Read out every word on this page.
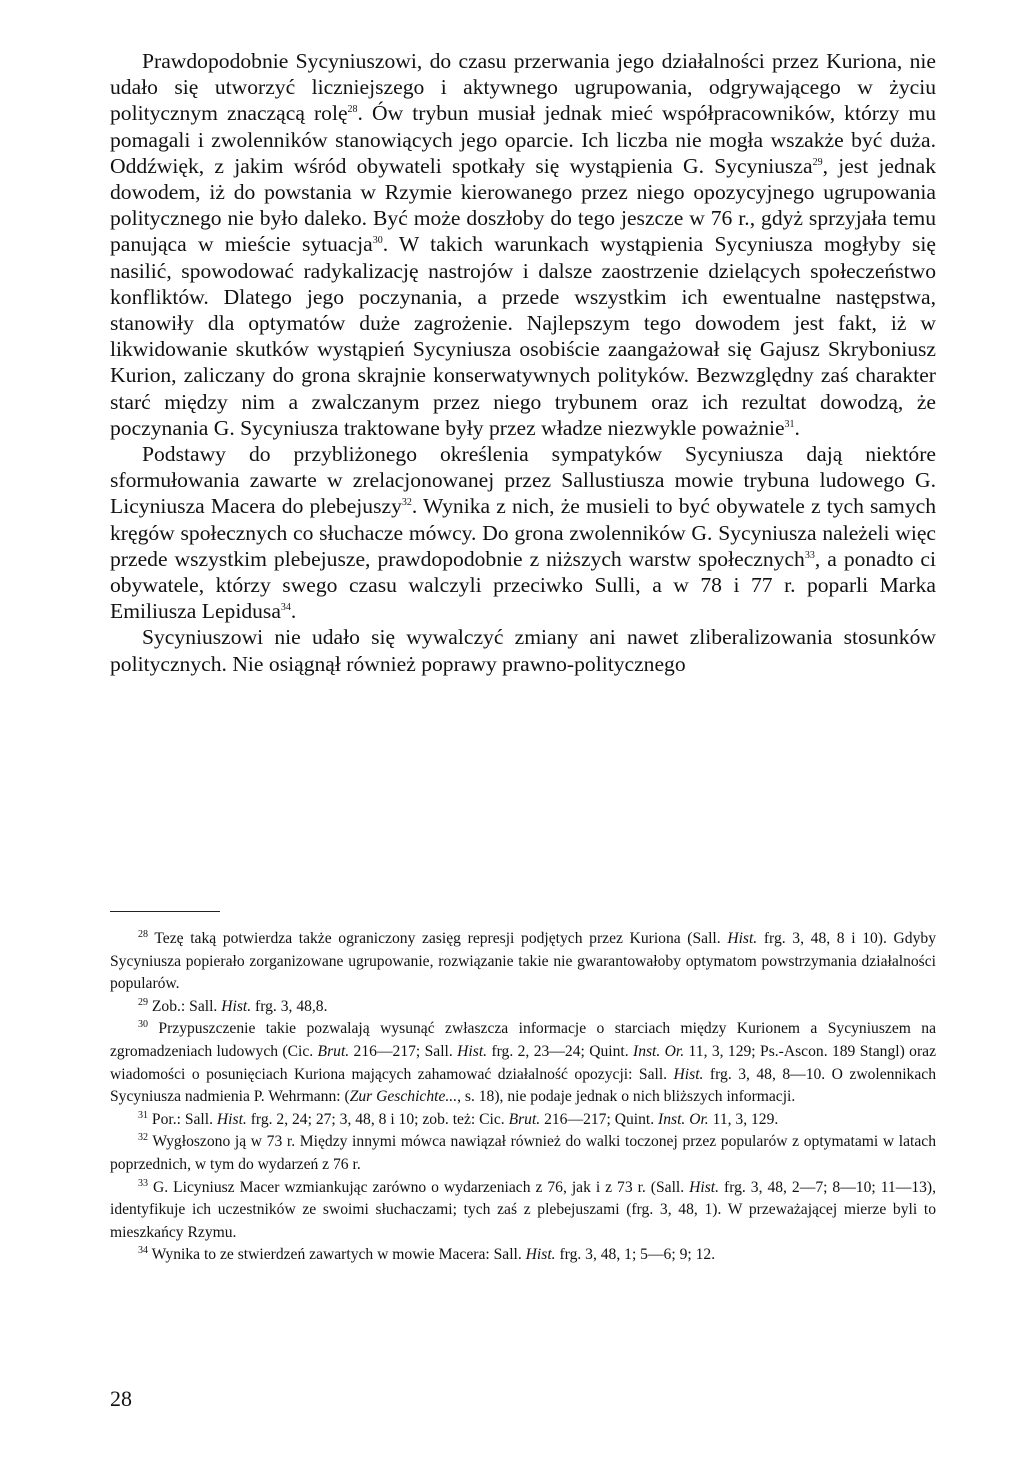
Prawdopodobnie Sycyniuszowi, do czasu przerwania jego działalności przez Kuriona, nie udało się utworzyć liczniejszego i aktywnego ugrupowania, odgrywającego w życiu politycznym znaczącą rolę$^{28}$. Ów trybun musiał jednak mieć współpracowników, którzy mu pomagali i zwolenników stanowiących jego oparcie. Ich liczba nie mogła wszakże być duża. Oddźwięk, z jakim wśród obywateli spotkały się wystąpienia G. Sycyniusza$^{29}$, jest jednak dowodem, iż do powstania w Rzymie kierowanego przez niego opozycyjnego ugrupowania politycznego nie było daleko. Być może doszłoby do tego jeszcze w 76 r., gdyż sprzyjała temu panująca w mieście sytuacja$^{30}$. W takich warunkach wystąpienia Sycyniusza mogłyby się nasilić, spowodować radykalizację nastrojów i dalsze zaostrzenie dzielących społeczeństwo konfliktów. Dlatego jego poczynania, a przede wszystkim ich ewentualne następstwa, stanowiły dla optymatów duże zagrożenie. Najlepszym tego dowodem jest fakt, iż w likwidowanie skutków wystąpień Sycyniusza osobiście zaangażował się Gajusz Skryboniusz Kurion, zaliczany do grona skrajnie konserwatywnych polityków. Bezwzględny zaś charakter starć między nim a zwalczanym przez niego trybunem oraz ich rezultat dowodzą, że poczynania G. Sycyniusza traktowane były przez władze niezwykle poważnie$^{31}$.

Podstawy do przybliżonego określenia sympatyków Sycyniusza dają niektóre sformułowania zawarte w zrelacjonowanej przez Sallustiusza mowie trybuna ludowego G. Licyniusza Macera do plebejuszy$^{32}$. Wynika z nich, że musieli to być obywatele z tych samych kręgów społecznych co słuchacze mówcy. Do grona zwolenników G. Sycyniusza należeli więc przede wszystkim plebejusze, prawdopodobnie z niższych warstw społecznych$^{33}$, a ponadto ci obywatele, którzy swego czasu walczyli przeciwko Sulli, a w 78 i 77 r. poparli Marka Emiliusza Lepidusa$^{34}$.

Sycyniuszowi nie udało się wywalczyć zmiany ani nawet zliberalizowania stosunków politycznych. Nie osiągnął również poprawy prawno-politycznego

$^{28}$ Tezę taką potwierdza także ograniczony zasięg represji podjętych przez Kuriona (Sall. Hist. frg. 3, 48, 8 i 10). Gdyby Sycyniusza popierało zorganizowane ugrupowanie, rozwiązanie takie nie gwarantowałoby optymatom powstrzymania działalności popularów.

$^{29}$ Zob.: Sall. Hist. frg. 3, 48,8.

$^{30}$ Przypuszczenie takie pozwalają wysunąć zwłaszcza informacje o starciach między Kurionem a Sycyniuszem na zgromadzeniach ludowych (Cic. Brut. 216—217; Sall. Hist. frg. 2, 23—24; Quint. Inst. Or. 11, 3, 129; Ps.-Ascon. 189 Stangl) oraz wiadomości o posunięciach Kuriona mających zahamować działalność opozycji: Sall. Hist. frg. 3, 48, 8—10. O zwolennikach Sycyniusza nadmienia P. Wehrmann: (Zur Geschichte..., s. 18), nie podaje jednak o nich bliższych informacji.

$^{31}$ Por.: Sall. Hist. frg. 2, 24; 27; 3, 48, 8 i 10; zob. też: Cic. Brut. 216—217; Quint. Inst. Or. 11, 3, 129.

$^{32}$ Wygłoszono ją w 73 r. Między innymi mówca nawiązał również do walki toczonej przez popularów z optymatami w latach poprzednich, w tym do wydarzeń z 76 r.

$^{33}$ G. Licyniusz Macer wzmiankując zarówno o wydarzeniach z 76, jak i z 73 r. (Sall. Hist. frg. 3, 48, 2—7; 8—10; 11—13), identyfikuje ich uczestników ze swoimi słuchaczami; tych zaś z plebejuszami (frg. 3, 48, 1). W przeważającej mierze byli to mieszkańcy Rzymu.

$^{34}$ Wynika to ze stwierdzeń zawartych w mowie Macera: Sall. Hist. frg. 3, 48, 1; 5—6; 9; 12.

28
